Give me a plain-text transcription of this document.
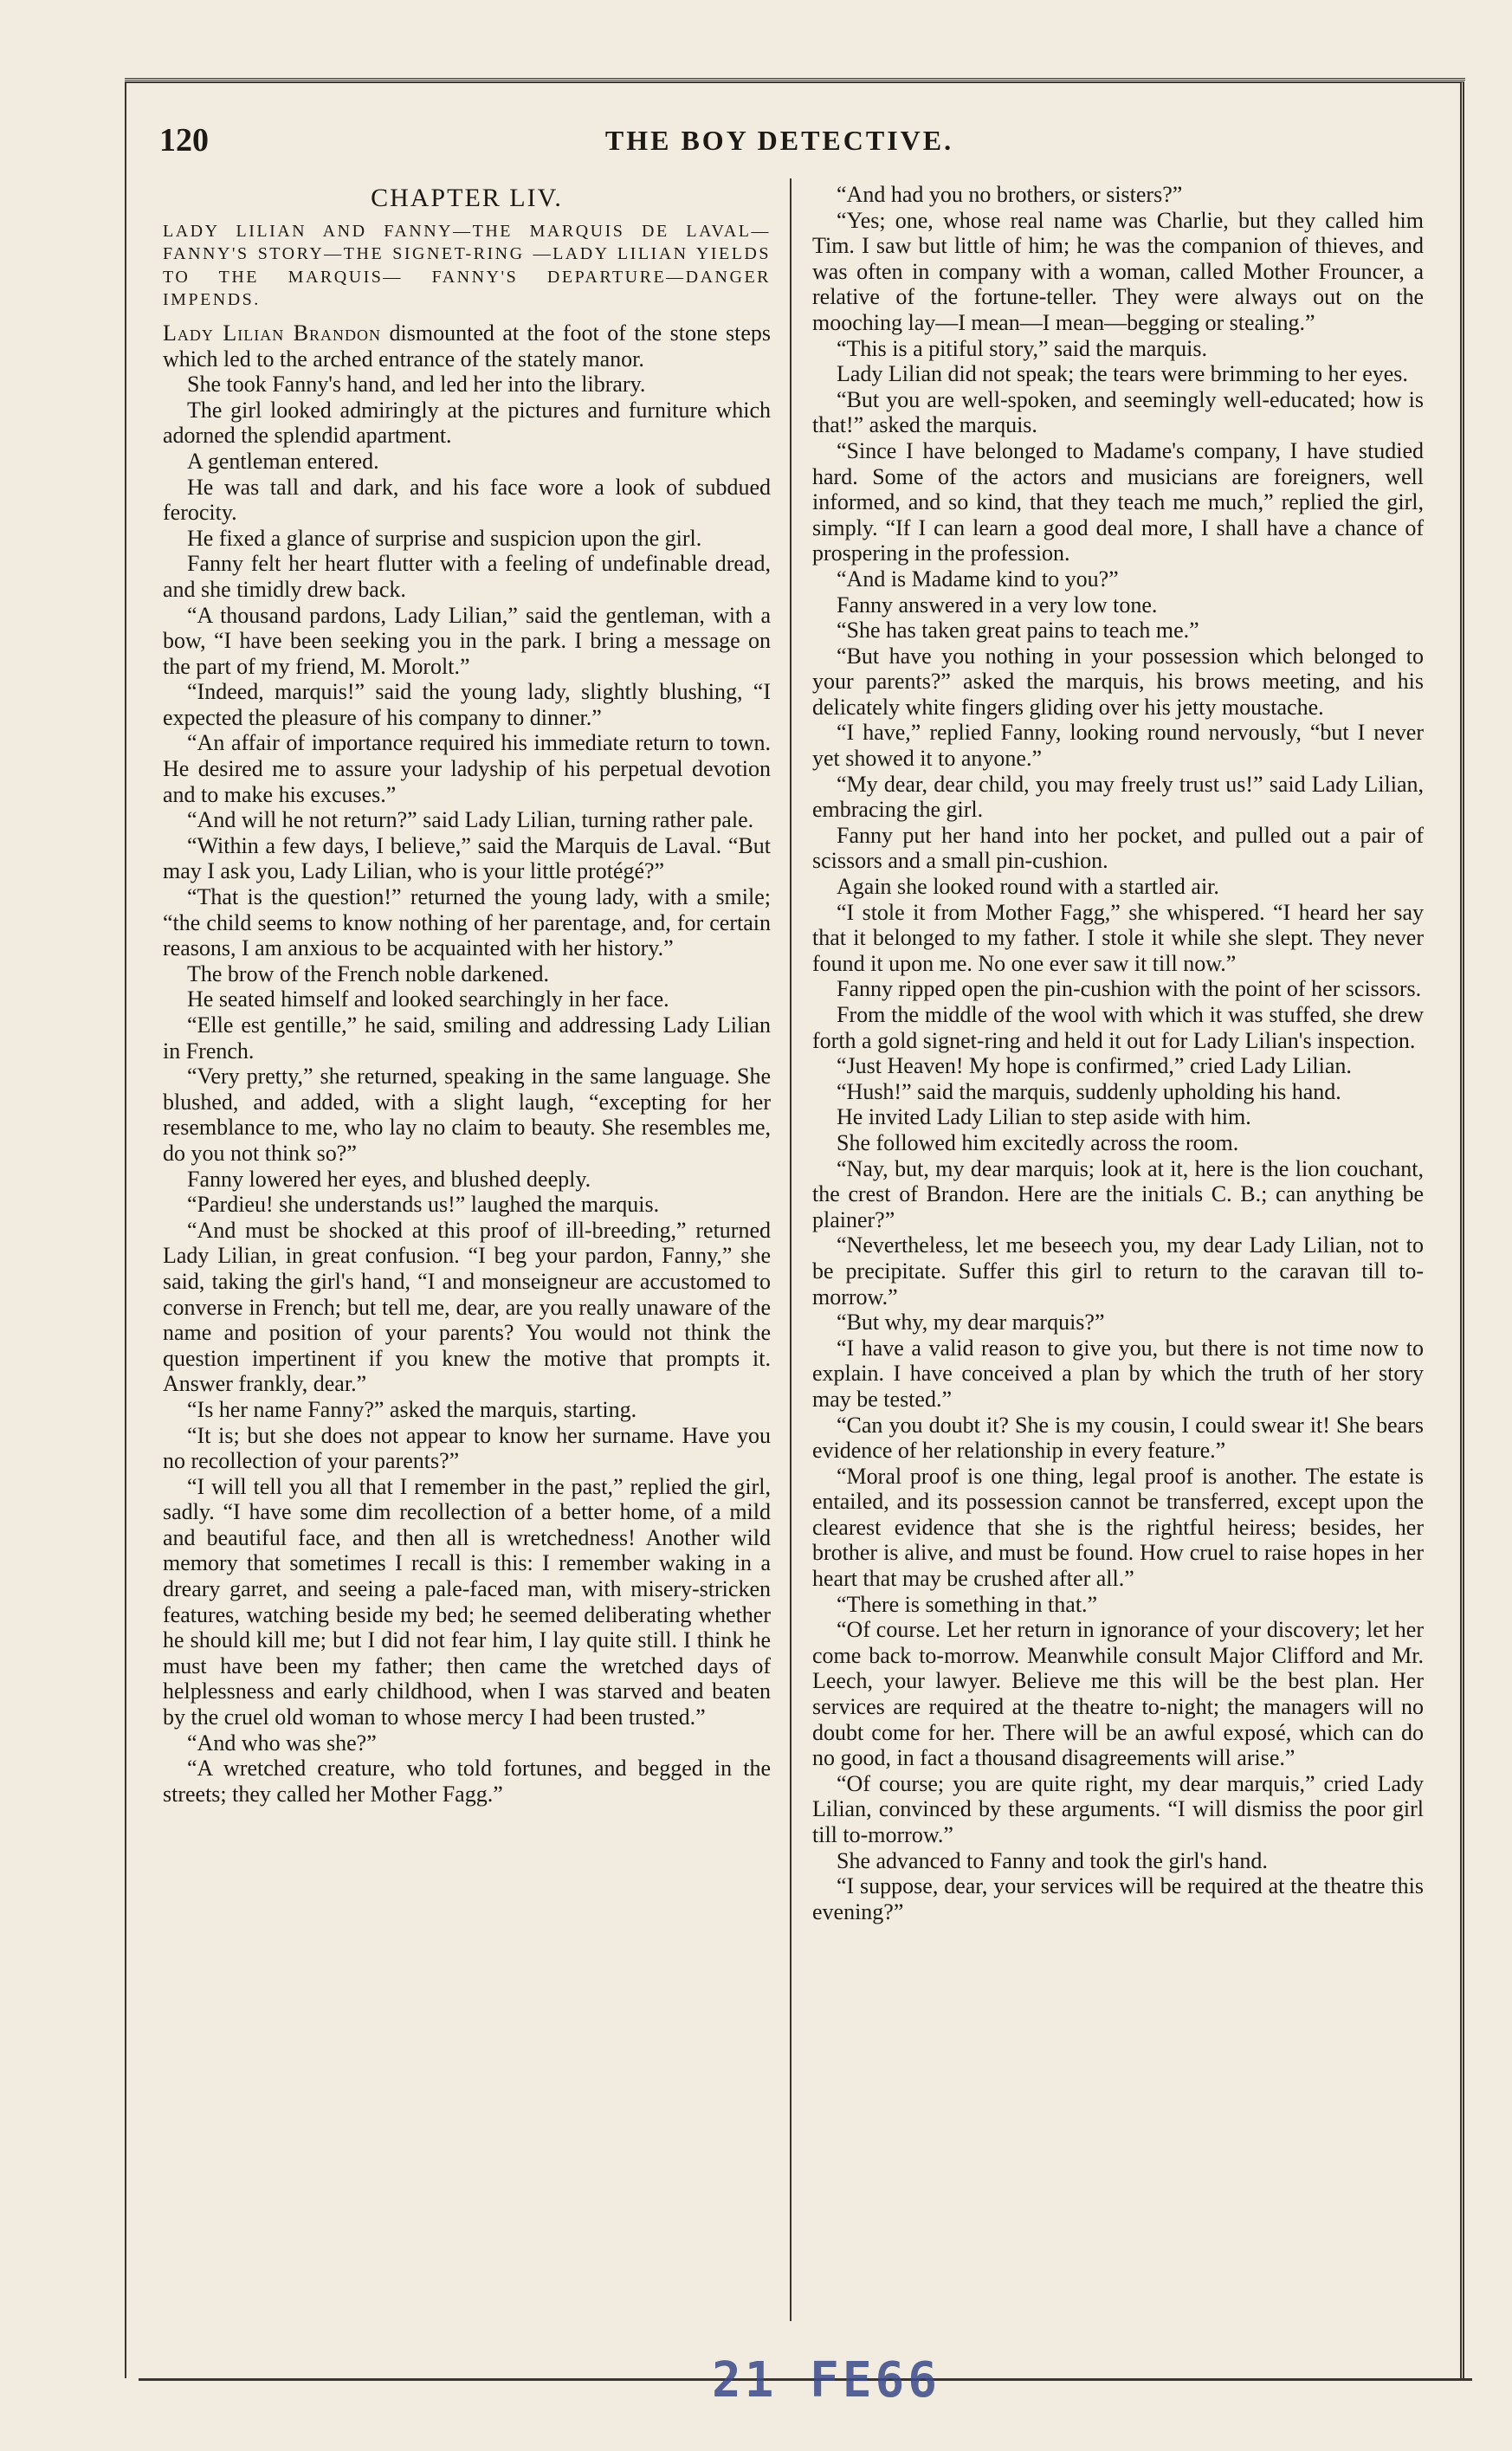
120	THE BOY DETECTIVE.
CHAPTER LIV.
LADY LILIAN AND FANNY—THE MARQUIS DE LAVAL—FANNY'S STORY—THE SIGNET-RING —LADY LILIAN YIELDS TO THE MARQUIS— FANNY'S DEPARTURE—DANGER IMPENDS.

Lady Lilian Brandon dismounted at the foot of the stone steps which led to the arched entrance of the stately manor.

She took Fanny's hand, and led her into the library.

The girl looked admiringly at the pictures and furniture which adorned the splendid apartment.

A gentleman entered.

He was tall and dark, and his face wore a look of subdued ferocity.

He fixed a glance of surprise and suspicion upon the girl.

Fanny felt her heart flutter with a feeling of undefinable dread, and she timidly drew back.

“A thousand pardons, Lady Lilian,” said the gentleman, with a bow, “I have been seeking you in the park. I bring a message on the part of my friend, M. Morolt.”

“Indeed, marquis!” said the young lady, slightly blushing, “I expected the pleasure of his company to dinner.”

“An affair of importance required his immediate return to town. He desired me to assure your ladyship of his perpetual devotion and to make his excuses.”

“And will he not return?” said Lady Lilian, turning rather pale.

“Within a few days, I believe,” said the Marquis de Laval. “But may I ask you, Lady Lilian, who is your little protégé?”

“That is the question!” returned the young lady, with a smile; “the child seems to know nothing of her parentage, and, for certain reasons, I am anxious to be acquainted with her history.”

The brow of the French noble darkened.

He seated himself and looked searchingly in her face.

“Elle est gentille,” he said, smiling and addressing Lady Lilian in French.

“Very pretty,” she returned, speaking in the same language. She blushed, and added, with a slight laugh, “excepting for her resemblance to me, who lay no claim to beauty. She resembles me, do you not think so?”

Fanny lowered her eyes, and blushed deeply.

“Pardieu! she understands us!” laughed the marquis.

“And must be shocked at this proof of ill-breeding,” returned Lady Lilian, in great confusion. “I beg your pardon, Fanny,” she said, taking the girl's hand, “I and monseigneur are accustomed to converse in French; but tell me, dear, are you really unaware of the name and position of your parents? You would not think the question impertinent if you knew the motive that prompts it. Answer frankly, dear.”

“Is her name Fanny?” asked the marquis, starting.

“It is; but she does not appear to know her surname. Have you no recollection of your parents?”

“I will tell you all that I remember in the past,” replied the girl, sadly. “I have some dim recollection of a better home, of a mild and beautiful face, and then all is wretchedness! Another wild memory that sometimes I recall is this: I remember waking in a dreary garret, and seeing a pale-faced man, with misery-stricken features, watching beside my bed; he seemed deliberating whether he should kill me; but I did not fear him, I lay quite still. I think he must have been my father; then came the wretched days of helplessness and early childhood, when I was starved and beaten by the cruel old woman to whose mercy I had been trusted.”

“And who was she?”

“A wretched creature, who told fortunes, and begged in the streets; they called her Mother Fagg.”

“And had you no brothers, or sisters?”

“Yes; one, whose real name was Charlie, but they called him Tim. I saw but little of him; he was the companion of thieves, and was often in company with a woman, called Mother Frouncer, a relative of the fortune-teller. They were always out on the mooching lay—I mean—I mean—begging or stealing.”

“This is a pitiful story,” said the marquis.

Lady Lilian did not speak; the tears were brimming to her eyes.

“But you are well-spoken, and seemingly well-educated; how is that!” asked the marquis.

“Since I have belonged to Madame's company, I have studied hard. Some of the actors and musicians are foreigners, well informed, and so kind, that they teach me much,” replied the girl, simply. “If I can learn a good deal more, I shall have a chance of prospering in the profession.

“And is Madame kind to you?”

Fanny answered in a very low tone.

“She has taken great pains to teach me.”

“But have you nothing in your possession which belonged to your parents?” asked the marquis, his brows meeting, and his delicately white fingers gliding over his jetty moustache.

“I have,” replied Fanny, looking round nervously, “but I never yet showed it to anyone.”

“My dear, dear child, you may freely trust us!” said Lady Lilian, embracing the girl.

Fanny put her hand into her pocket, and pulled out a pair of scissors and a small pin-cushion.

Again she looked round with a startled air.

“I stole it from Mother Fagg,” she whispered. “I heard her say that it belonged to my father. I stole it while she slept. They never found it upon me. No one ever saw it till now.”

Fanny ripped open the pin-cushion with the point of her scissors.

From the middle of the wool with which it was stuffed, she drew forth a gold signet-ring and held it out for Lady Lilian's inspection.

“Just Heaven! My hope is confirmed,” cried Lady Lilian.

“Hush!” said the marquis, suddenly upholding his hand.

He invited Lady Lilian to step aside with him.

She followed him excitedly across the room.

“Nay, but, my dear marquis; look at it, here is the lion couchant, the crest of Brandon. Here are the initials C. B.; can anything be plainer?”

“Nevertheless, let me beseech you, my dear Lady Lilian, not to be precipitate. Suffer this girl to return to the caravan till to-morrow.”

“But why, my dear marquis?”

“I have a valid reason to give you, but there is not time now to explain. I have conceived a plan by which the truth of her story may be tested.”

“Can you doubt it? She is my cousin, I could swear it! She bears evidence of her relationship in every feature.”

“Moral proof is one thing, legal proof is another. The estate is entailed, and its possession cannot be transferred, except upon the clearest evidence that she is the rightful heiress; besides, her brother is alive, and must be found. How cruel to raise hopes in her heart that may be crushed after all.”

“There is something in that.”

“Of course. Let her return in ignorance of your discovery; let her come back to-morrow. Meanwhile consult Major Clifford and Mr. Leech, your lawyer. Believe me this will be the best plan. Her services are required at the theatre to-night; the managers will no doubt come for her. There will be an awful exposé, which can do no good, in fact a thousand disagreements will arise.”

“Of course; you are quite right, my dear marquis,” cried Lady Lilian, convinced by these arguments. “I will dismiss the poor girl till to-morrow.”

She advanced to Fanny and took the girl's hand.

“I suppose, dear, your services will be required at the theatre this evening?”

21 FE66
